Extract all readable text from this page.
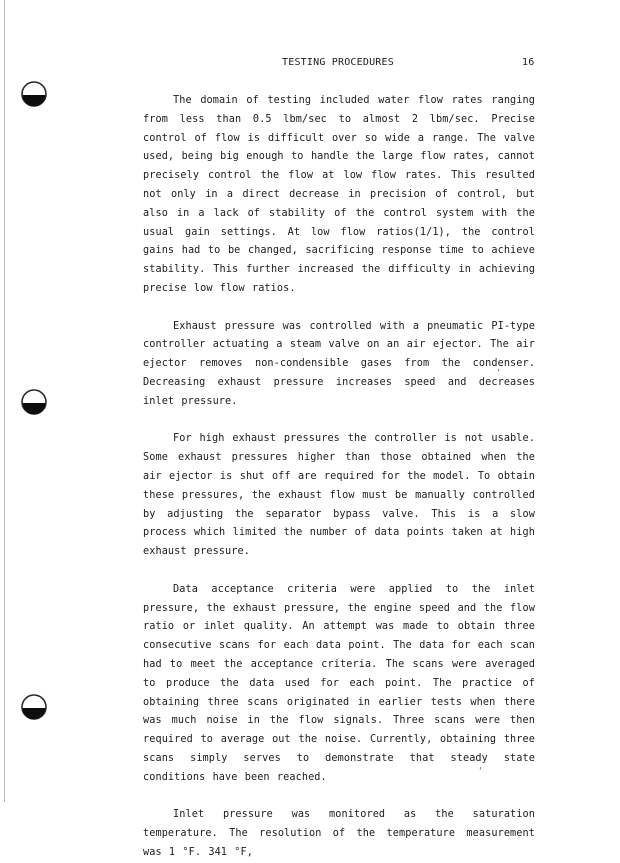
TESTING PROCEDURES	16

The domain of testing included water flow rates ranging from less than 0.5 lbm/sec to almost 2 lbm/sec. Precise control of flow is difficult over so wide a range. The valve used, being big enough to handle the large flow rates, cannot precisely control the flow at low flow rates. This resulted not only in a direct decrease in precision of control, but also in a lack of stability of the control system with the usual gain settings. At low flow ratios(1/1), the control gains had to be changed, sacrificing response time to achieve stability. This further increased the difficulty in achieving precise low flow ratios.

Exhaust pressure was controlled with a pneumatic PI-type controller actuating a steam valve on an air ejector. The air ejector removes non-condensible gases from the condenser. Decreasing exhaust pressure increases speed and decreases inlet pressure.

For high exhaust pressures the controller is not usable. Some exhaust pressures higher than those obtained when the air ejector is shut off are required for the model. To obtain these pressures, the exhaust flow must be manually controlled by adjusting the separator bypass valve. This is a slow process which limited the number of data points taken at high exhaust pressure.

Data acceptance criteria were applied to the inlet pressure, the exhaust pressure, the engine speed and the flow ratio or inlet quality. An attempt was made to obtain three consecutive scans for each data point. The data for each scan had to meet the acceptance criteria. The scans were averaged to produce the data used for each point. The practice of obtaining three scans originated in earlier tests when there was much noise in the flow signals. Three scans were then required to average out the noise. Currently, obtaining three scans simply serves to demonstrate that steady state conditions have been reached.

Inlet pressure was monitored as the saturation temperature. The resolution of the temperature measurement was 1 °F. 341 °F,

‘
’
